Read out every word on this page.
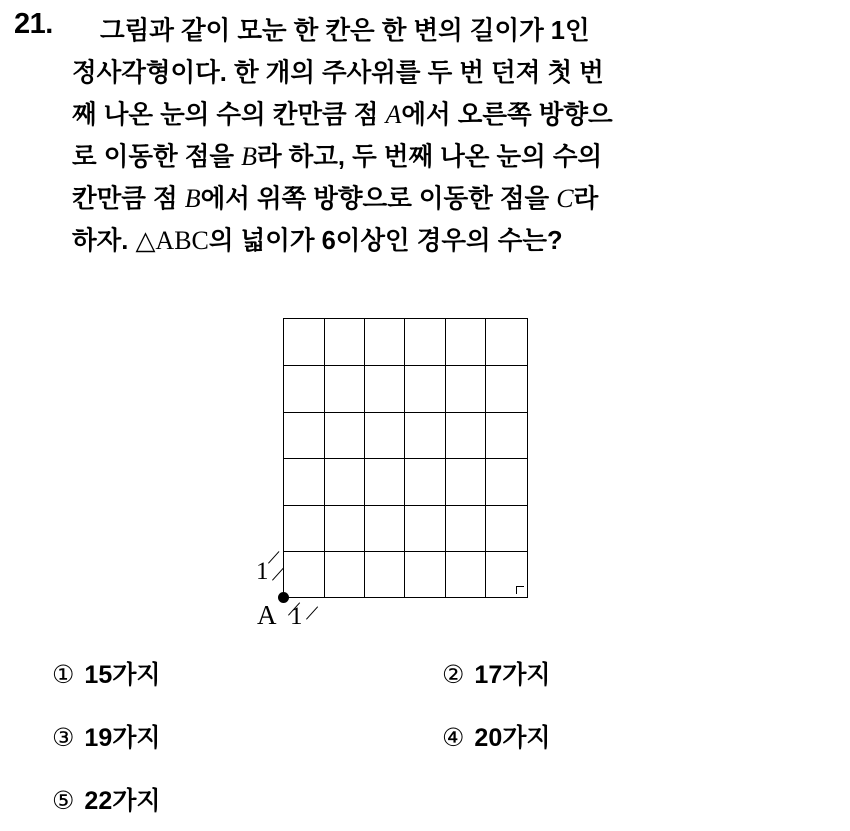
21.	그림과 같이 모눈 한 칸은 한 변의 길이가 1인
정사각형이다. 한 개의 주사위를 두 번 던져 첫 번
째 나온 눈의 수의 칸만큼 점 A에서 오른쪽 방향으
로 이동한 점을 B라 하고, 두 번째 나온 눈의 수의
칸만큼 점 B에서 위쪽 방향으로 이동한 점을 C라
하자. △ABC의 넓이가 6이상인 경우의 수는?
A
1
1
① 15가지	② 17가지
③ 19가지	④ 20가지
⑤ 22가지
